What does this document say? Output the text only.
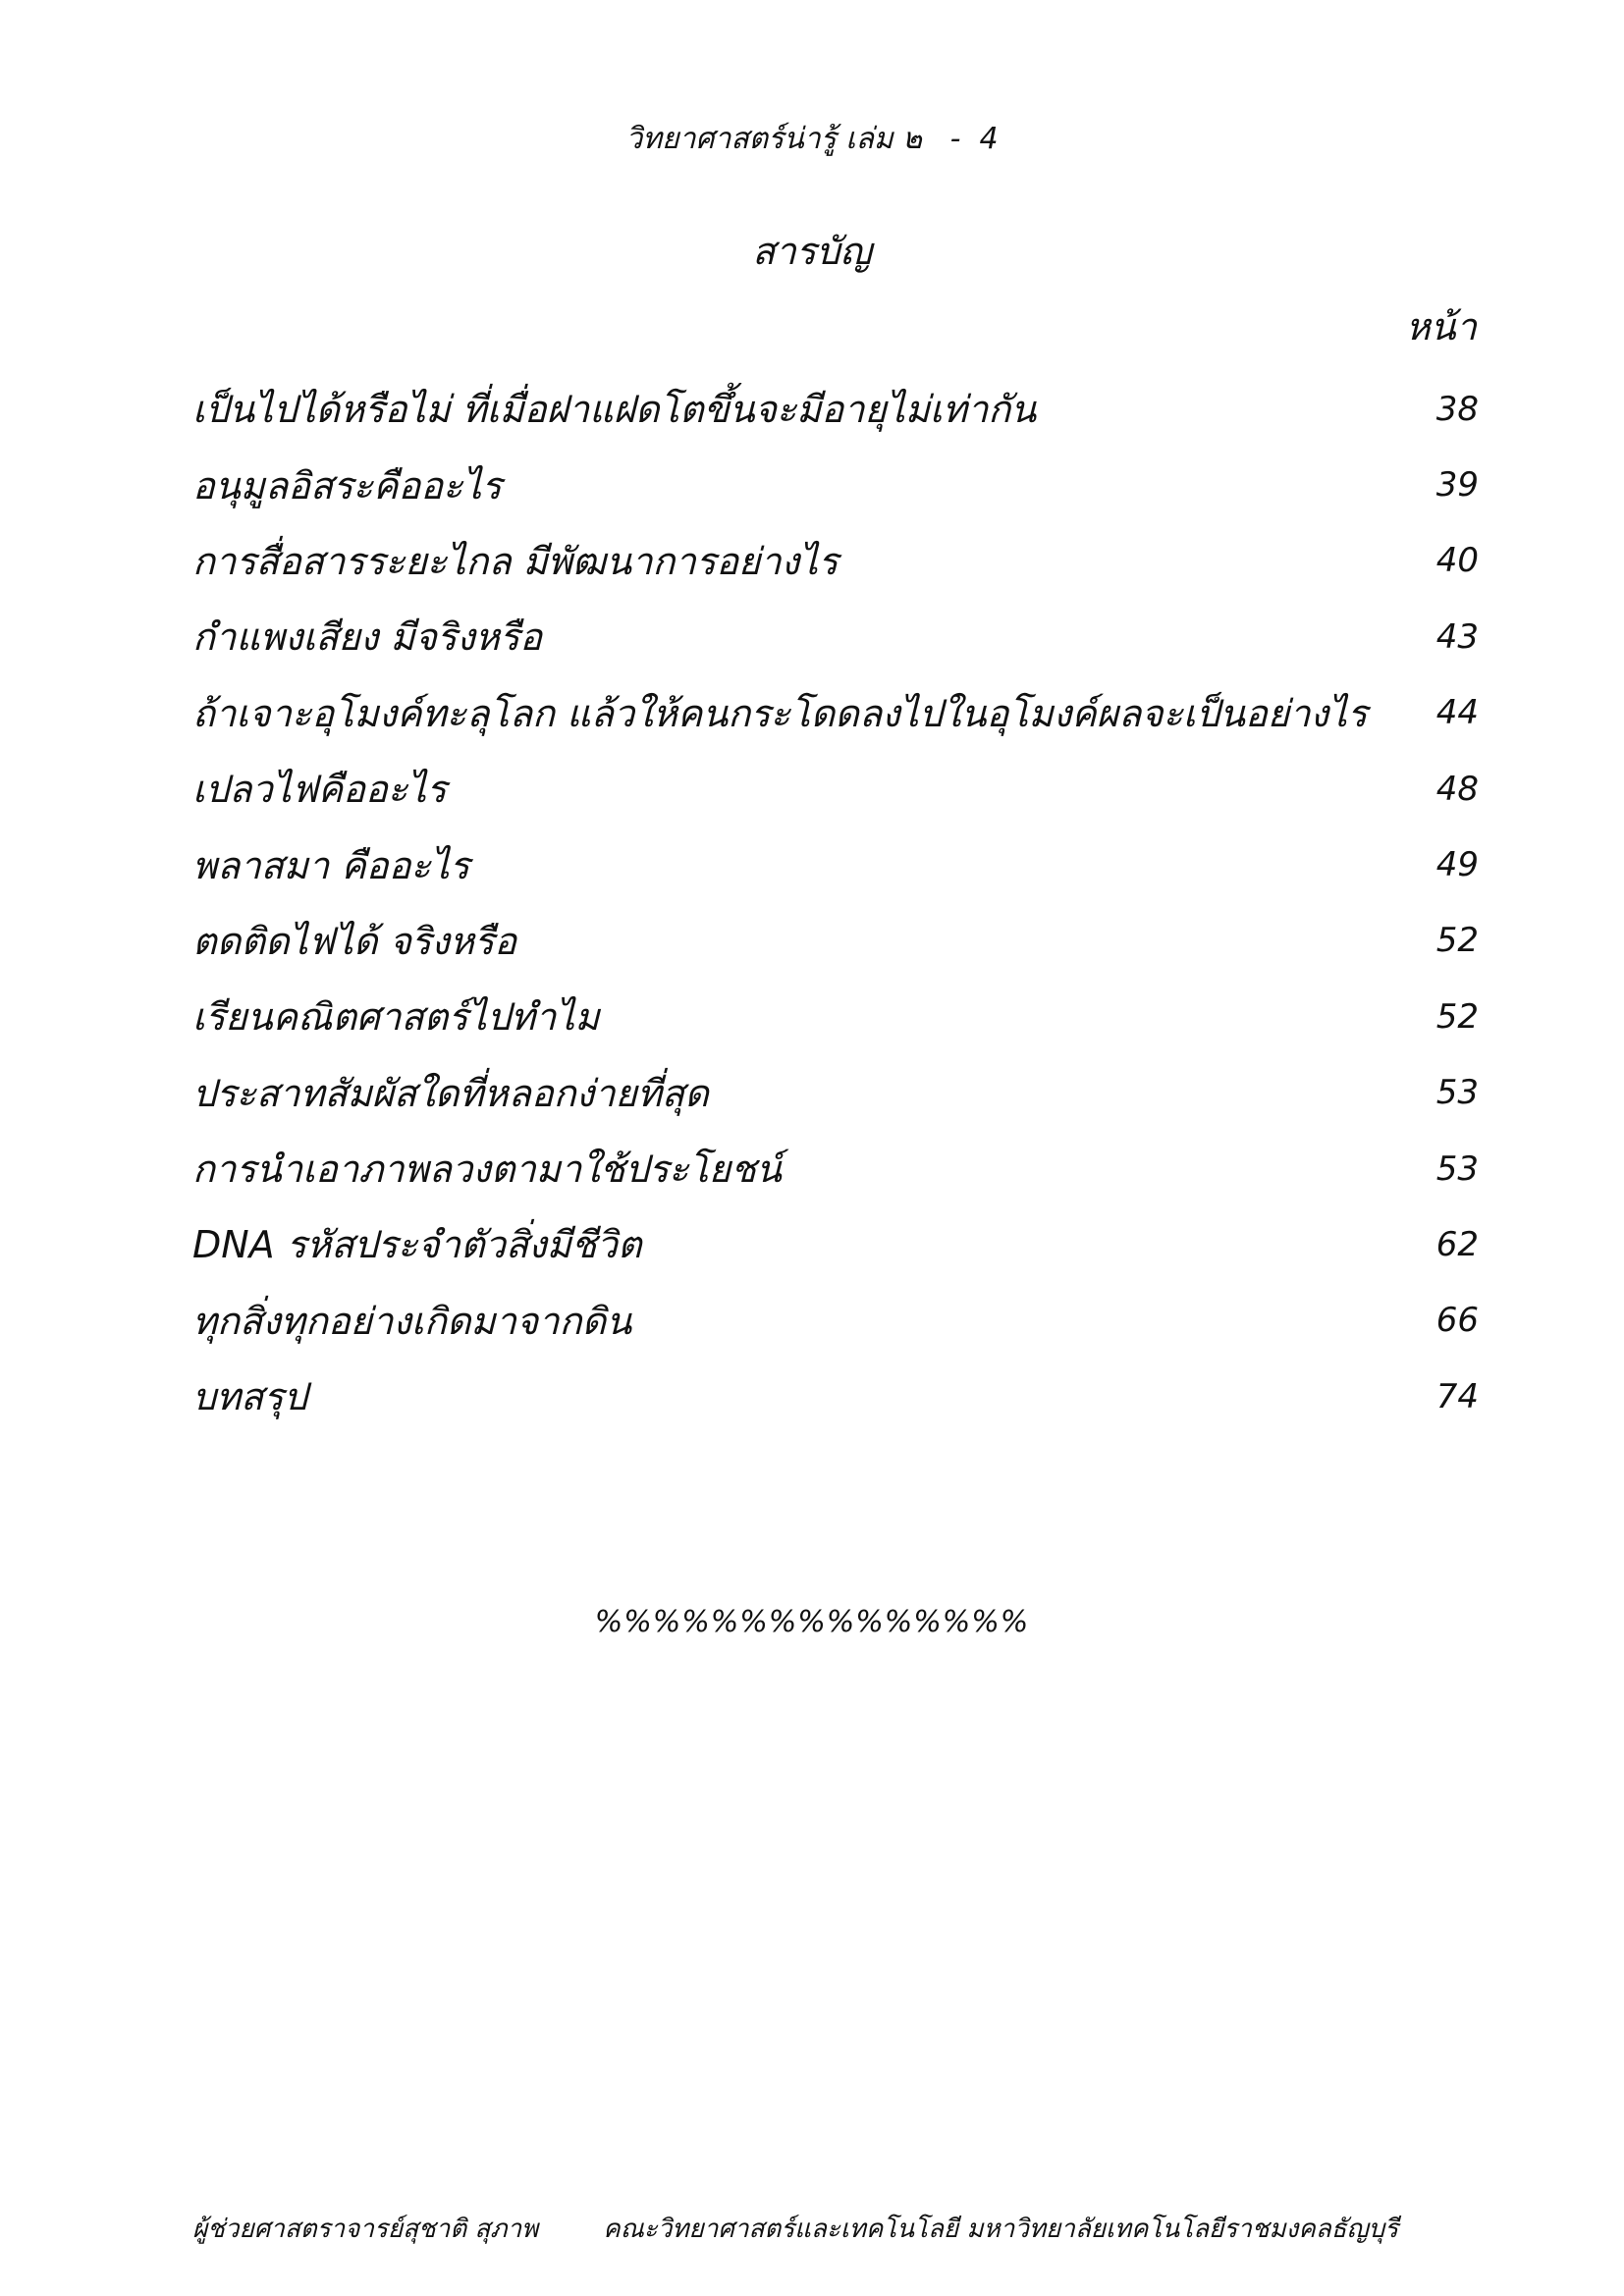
วิทยาศาสตร์น่ารู้ เล่ม ๒   -  4
สารบัญ
หน้า
เป็นไปได้หรือไม่ ที่เมื่อฝาแฝดโตขึ้นจะมีอายุไม่เท่ากัน	38
อนุมูลอิสระคืออะไร	39
การสื่อสารระยะไกล มีพัฒนาการอย่างไร	40
กำแพงเสียง มีจริงหรือ	43
ถ้าเจาะอุโมงค์ทะลุโลก แล้วให้คนกระโดดลงไปในอุโมงค์ผลจะเป็นอย่างไร	44
เปลวไฟคืออะไร	48
พลาสมา คืออะไร	49
ตดติดไฟได้ จริงหรือ	52
เรียนคณิตศาสตร์ไปทำไม	52
ประสาทสัมผัสใดที่หลอกง่ายที่สุด	53
การนำเอาภาพลวงตามาใช้ประโยชน์	53
DNA รหัสประจำตัวสิ่งมีชีวิต	62
ทุกสิ่งทุกอย่างเกิดมาจากดิน	66
บทสรุป	74
%%%%%%%%%%%%%%%
ผู้ช่วยศาสตราจารย์สุชาติ สุภาพ        คณะวิทยาศาสตร์และเทคโนโลยี มหาวิทยาลัยเทคโนโลยีราชมงคลธัญบุรี
